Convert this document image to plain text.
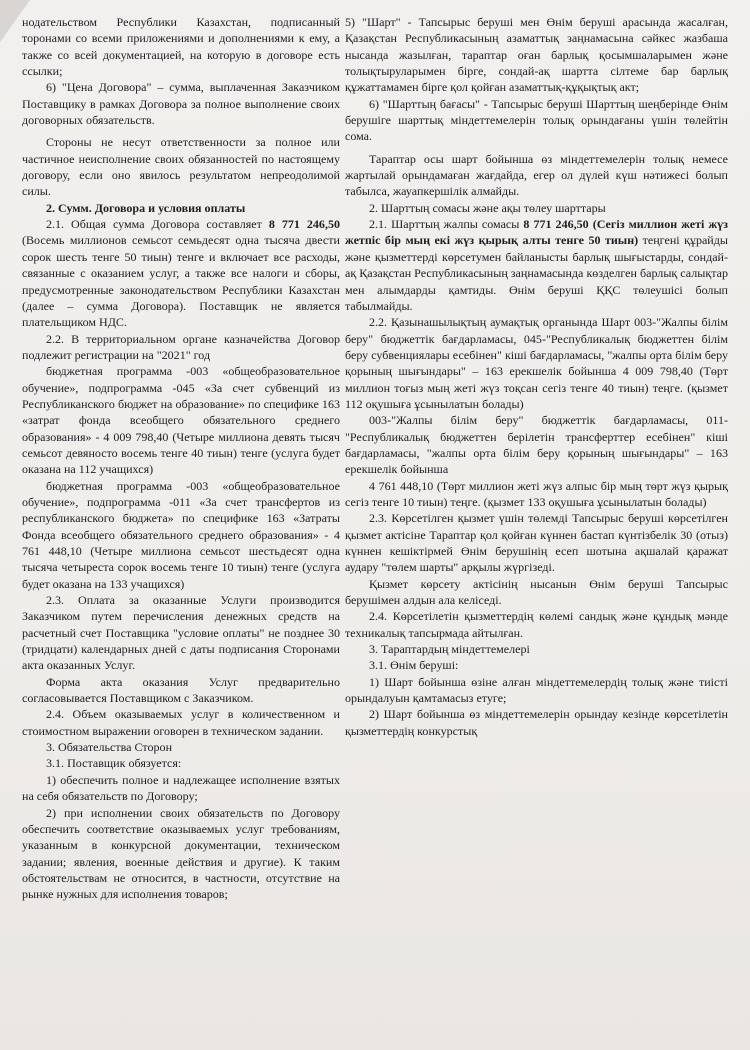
нодательством Республики Казахстан, подписанный торонами со всеми приложениями и дополнениями к ему, а также со всей документацией, на которую в договоре есть ссылки;

6) "Цена Договора" – сумма, выплаченная Заказчиком Поставщику в рамках Договора за полное выполнение своих договорных обязательств.

Стороны не несут ответственности за полное или частичное неисполнение своих обязанностей по настоящему договору, если оно явилось результатом непреодолимой силы.

2. Сумм. Договора и условия оплаты

2.1. Общая сумма Договора составляет 8 771 246,50 (Восемь миллионов семьсот семьдесят одна тысяча двести сорок шесть тенге 50 тиын) тенге и включает все расходы, связанные с оказанием услуг, а также все налоги и сборы, предусмотренные законодательством Республики Казахстан (далее – сумма Договора). Поставщик не является плательщиком НДС.

2.2. В территориальном органе казначейства Договор подлежит регистрации на "2021" год

бюджетная программа -003 «общеобразовательное обучение», подпрограмма -045 «За счет субвенций из Республиканского бюджет на образование» по специфике 163 «затрат фонда всеобщего обязательного среднего образования» - 4 009 798,40 (Четыре миллиона девять тысяч семьсот девяносто восемь тенге 40 тиын) тенге (услуга будет оказана на 112 учащихся)

бюджетная программа -003 «общеобразовательное обучение», подпрограмма -011 «За счет трансфертов из республиканского бюджета» по специфике 163 «Затраты Фонда всеобщего обязательного среднего образования» - 4 761 448,10 (Четыре миллиона семьсот шестьдесят одна тысяча четыреста сорок восемь тенге 10 тиын) тенге (услуга будет оказана на 133 учащихся)

2.3. Оплата за оказанные Услуги производится Заказчиком путем перечисления денежных средств на расчетный счет Поставщика "условие оплаты" не позднее 30 (тридцати) календарных дней с даты подписания Сторонами акта оказанных Услуг.

Форма акта оказания Услуг предварительно согласовывается Поставщиком с Заказчиком.

2.4. Объем оказываемых услуг в количественном и стоимостном выражении оговорен в техническом задании.

3. Обязательства Сторон

3.1. Поставщик обязуется:

1) обеспечить полное и надлежащее исполнение взятых на себя обязательств по Договору;

2) при исполнении своих обязательств по Договору обеспечить соответствие оказываемых услуг требованиям, указанным в конкурсной документации, техническом задании; явления, военные действия и другие). К таким обстоятельствам не относится, в частности, отсутствие на рынке нужных для исполнения товаров;

5) "Шарт" - Тапсырыс беруші мен Өнім беруші арасында жасалған, Қазақстан Республикасының азаматтық заңнамасына сәйкес жазбаша нысанда жазылған, тараптар оған барлық қосымшаларымен және толықтыруларымен бірге, сондай-ақ шартта сілтеме бар барлық құжаттамамен бірге қол қойған азаматтық-құқықтық акт;

6) "Шарттың бағасы" - Тапсырыс беруші Шарттың шеңберінде Өнім берушіге шарттық міндеттемелерін толық орындағаны үшін төлейтін сома.

Тараптар осы шарт бойынша өз міндеттемелерін толық немесе жартылай орындамаған жағдайда, егер ол дүлей күш нәтижесі болып табылса, жауапкершілік алмайды.

2. Шарттың сомасы және ақы төлеу шарттары

2.1. Шарттың жалпы сомасы 8 771 246,50 (Сегіз миллион жеті жүз жетпіс бір мың екі жүз қырық алты тенге 50 тиын) теңгені құрайды және қызметтерді көрсетумен байланысты барлық шығыстарды, сондай-ақ Қазақстан Республикасының заңнамасында көзделген барлық салықтар мен алымдарды қамтиды. Өнім беруші ҚҚС төлеушісі болып табылмайды.

2.2. Қазынашылықтың аумақтық органында Шарт 003-"Жалпы білім беру" бюджеттік бағдарламасы, 045-"Республикалық бюджеттен білім беру субвенциялары есебінен" кіші бағдарламасы, "жалпы орта білім беру қорының шығындары" – 163 ерекшелік бойынша 4 009 798,40 (Төрт миллион тоғыз мың жеті жүз тоқсан сегіз тенге 40 тиын) теңге. (қызмет 112 оқушыға ұсынылатын болады)

003-"Жалпы білім беру" бюджеттік бағдарламасы, 011-"Республикалық бюджеттен берілетін трансферттер есебінен" кіші бағдарламасы, "жалпы орта білім беру қорының шығындары" – 163 ерекшелік бойынша

4 761 448,10 (Төрт миллион жеті жүз алпыс бір мың төрт жүз қырық сегіз тенге 10 тиын) теңге. (қызмет 133 оқушыға ұсынылатын болады)

2.3. Көрсетілген қызмет үшін төлемді Тапсырыс беруші көрсетілген қызмет актісіне Тараптар қол қойған күннен бастап күнтізбелік 30 (отыз) күннен кешіктірмей Өнім берушінің есеп шотына ақшалай қаражат аудару "төлем шарты" арқылы жүргізеді.

Қызмет көрсету актісінің нысанын Өнім беруші Тапсырыс берушімен алдын ала келіседі.

2.4. Көрсетілетін қызметтердің көлемі сандық және құндық мәнде техникалық тапсырмада айтылған.

3. Тараптардың міндеттемелері

3.1. Өнім беруші:

1) Шарт бойынша өзіне алған міндеттемелердің толық және тиісті орындалуын қамтамасыз етуге;

2) Шарт бойынша өз міндеттемелерін орындау кезінде көрсетілетін қызметтердің конкурстық
